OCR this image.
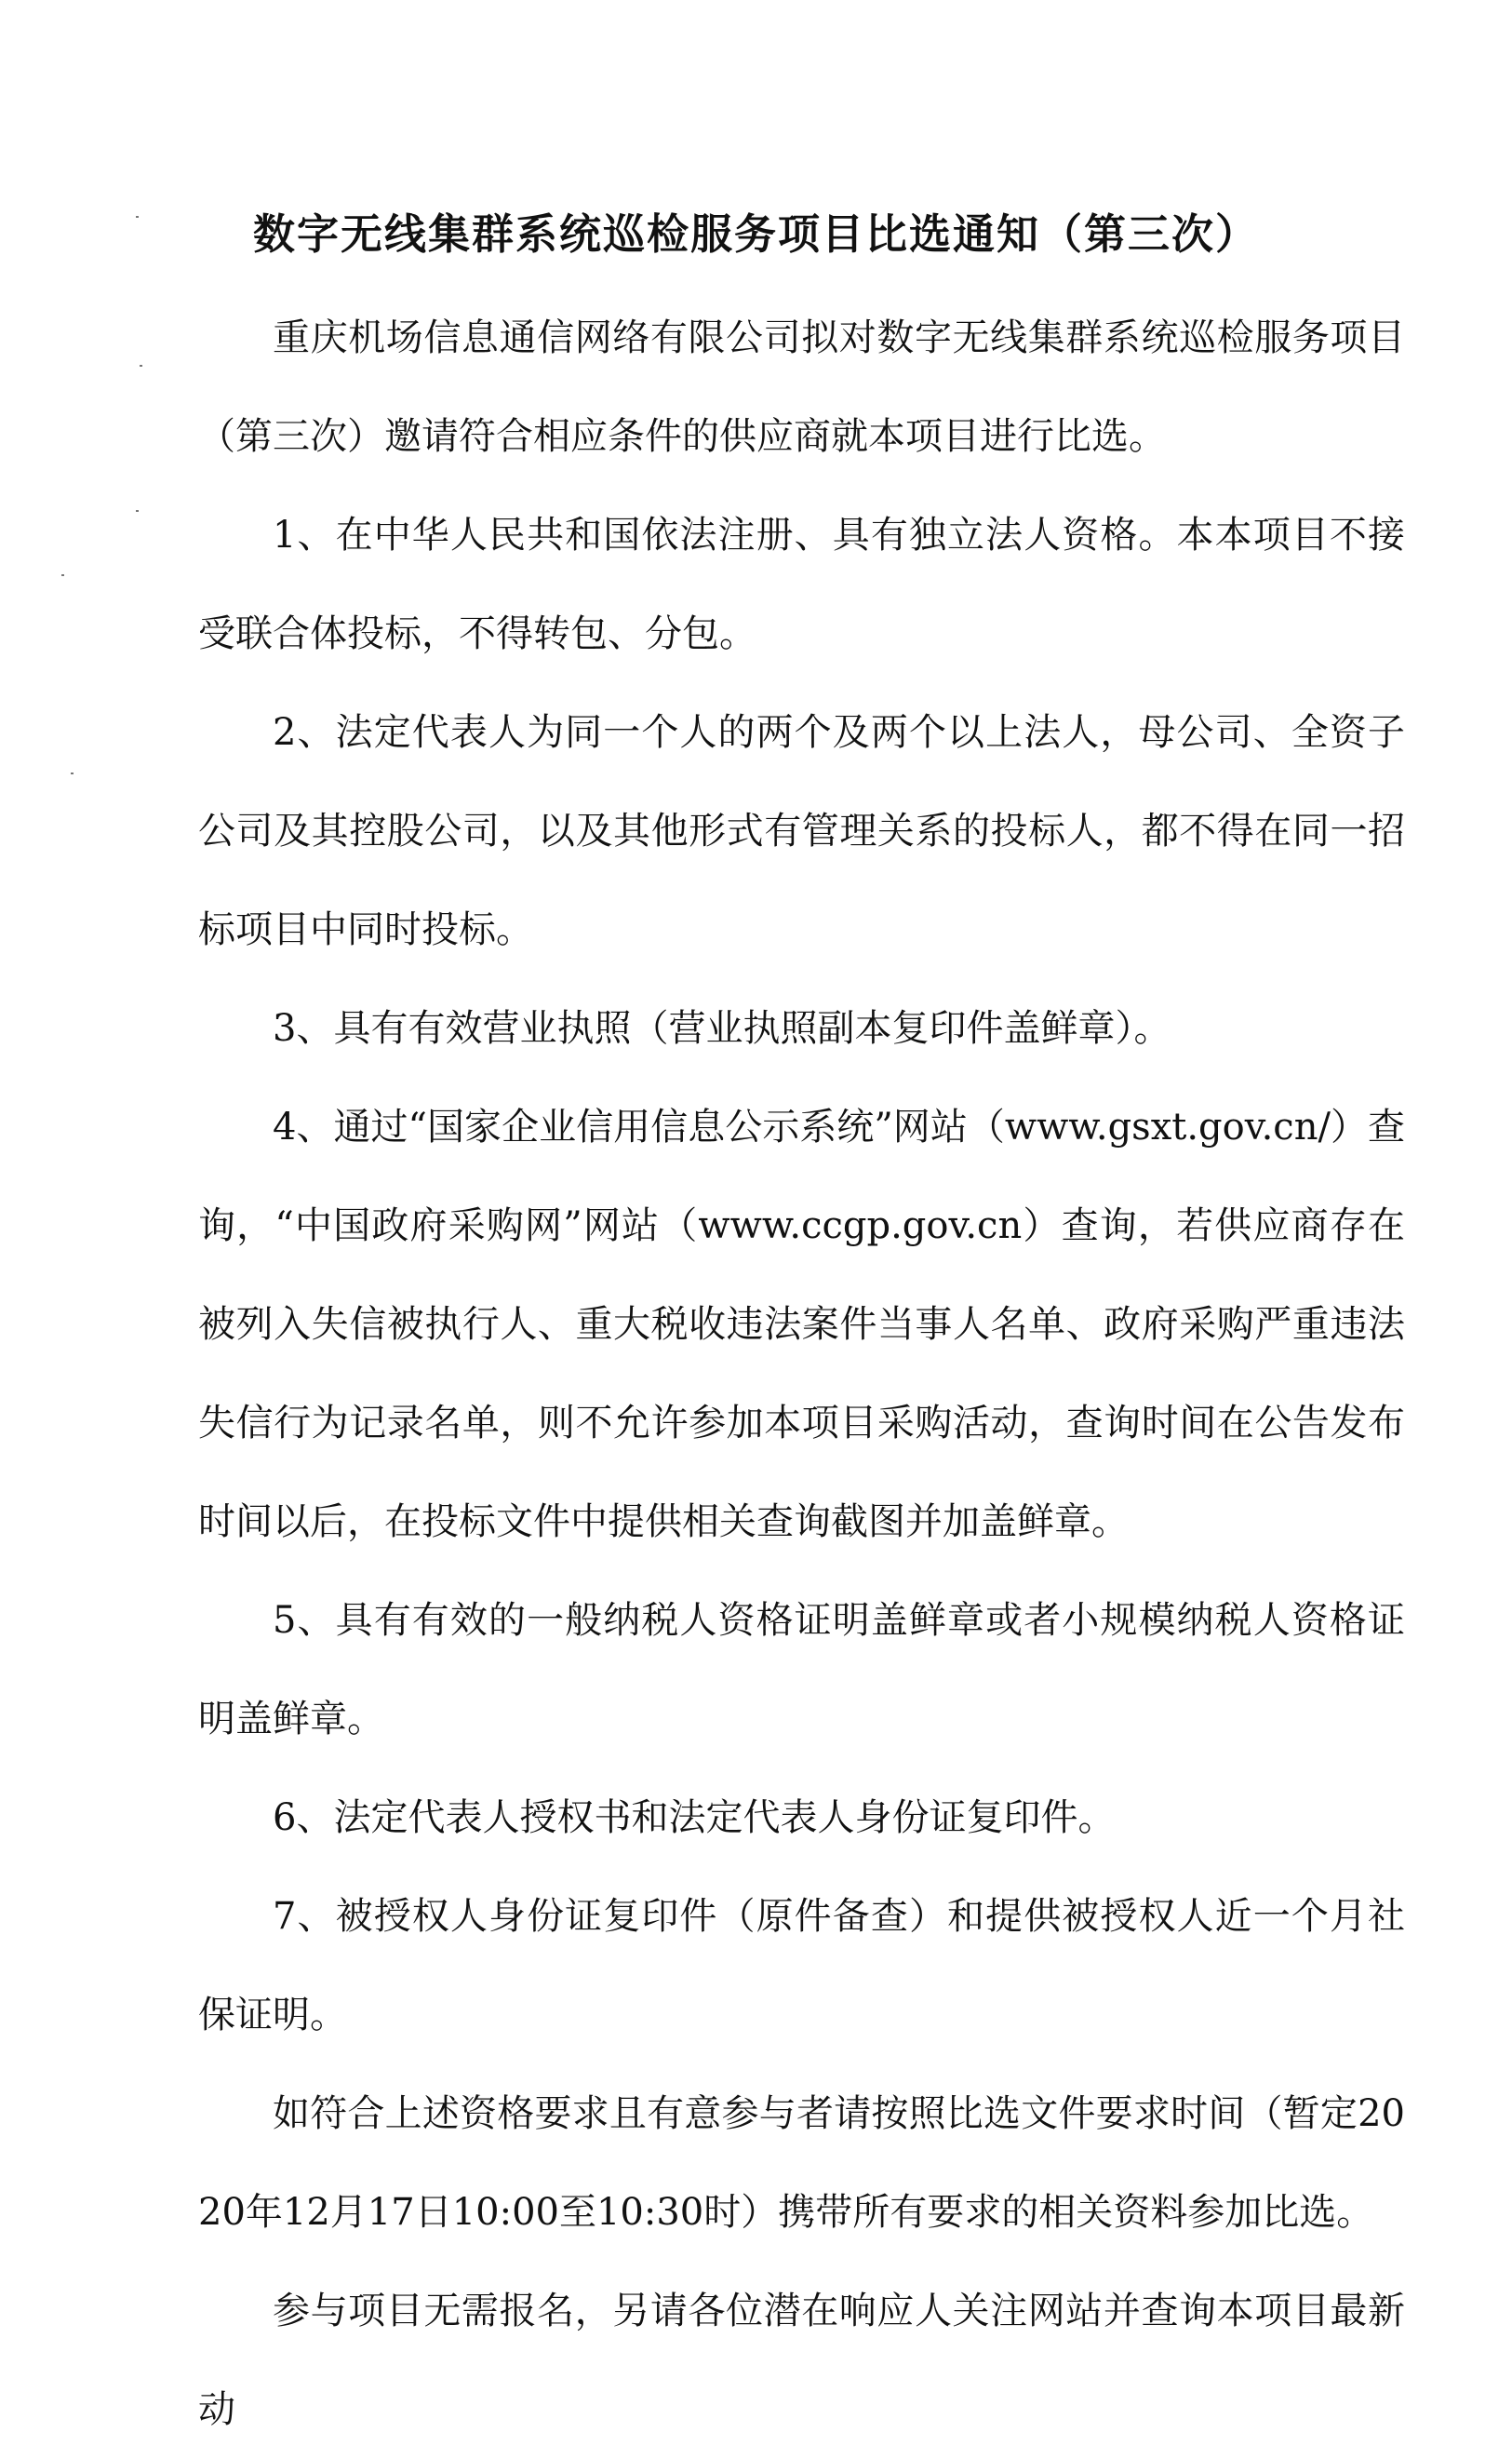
数字无线集群系统巡检服务项目比选通知（第三次）

重庆机场信息通信网络有限公司拟对数字无线集群系统巡检服务项目（第三次）邀请符合相应条件的供应商就本项目进行比选。

1、在中华人民共和国依法注册、具有独立法人资格。本本项目不接受联合体投标，不得转包、分包。

2、法定代表人为同一个人的两个及两个以上法人，母公司、全资子公司及其控股公司，以及其他形式有管理关系的投标人，都不得在同一招标项目中同时投标。

3、具有有效营业执照（营业执照副本复印件盖鲜章）。

4、通过“国家企业信用信息公示系统”网站（www.gsxt.gov.cn/）查询，“中国政府采购网”网站（www.ccgp.gov.cn）查询，若供应商存在被列入失信被执行人、重大税收违法案件当事人名单、政府采购严重违法失信行为记录名单，则不允许参加本项目采购活动，查询时间在公告发布时间以后，在投标文件中提供相关查询截图并加盖鲜章。

5、具有有效的一般纳税人资格证明盖鲜章或者小规模纳税人资格证明盖鲜章。

6、法定代表人授权书和法定代表人身份证复印件。

7、被授权人身份证复印件（原件备查）和提供被授权人近一个月社保证明。

如符合上述资格要求且有意参与者请按照比选文件要求时间（暂定2020年12月17日10:00至10:30时）携带所有要求的相关资料参加比选。

参与项目无需报名，另请各位潜在响应人关注网站并查询本项目最新动
